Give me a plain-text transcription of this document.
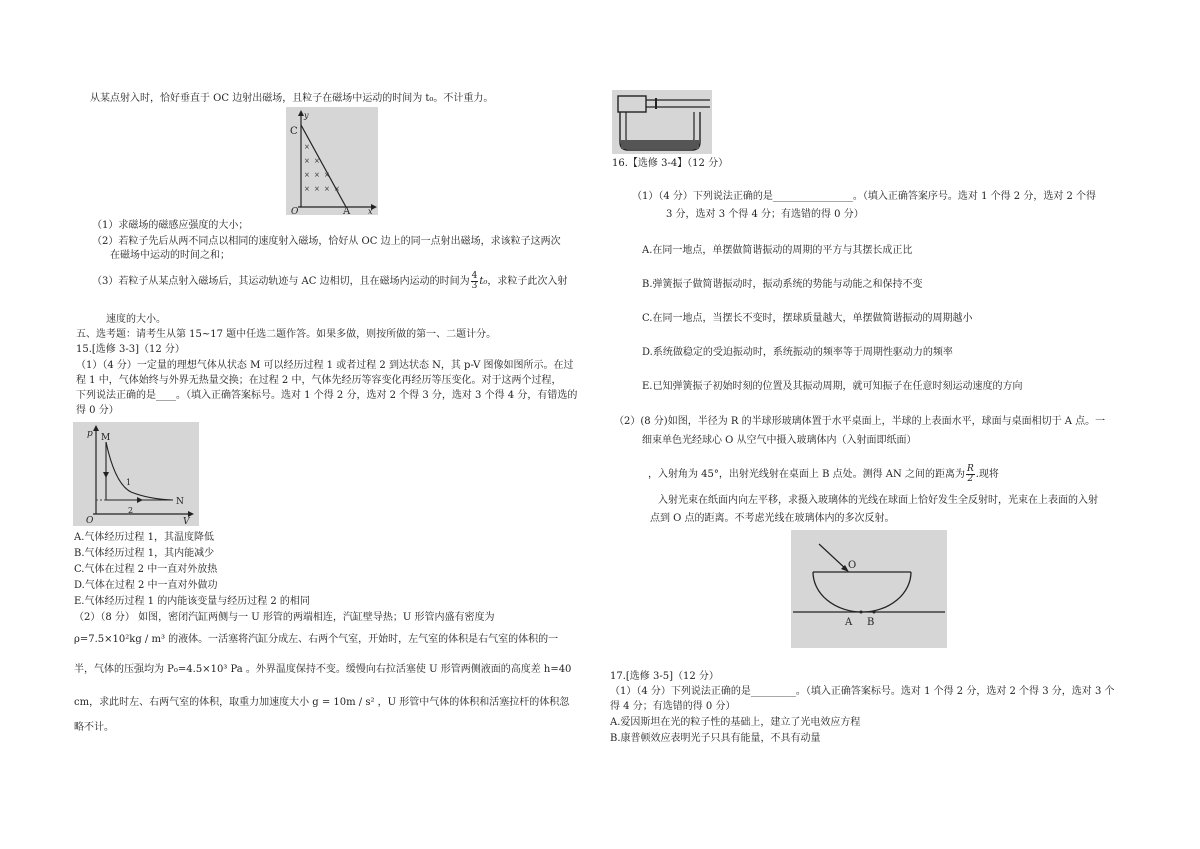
从某点射入时，恰好垂直于 OC 边射出磁场，且粒子在磁场中运动的时间为 t₀。不计重力。
y
C
O	A x
×
× ×
× × ×
× × × ×
（1）求磁场的磁感应强度的大小；
（2）若粒子先后从两不同点以相同的速度射入磁场，恰好从 OC 边上的同一点射出磁场，求该粒子这两次
在磁场中运动的时间之和；
（3）若粒子从某点射入磁场后，其运动轨迹与 AC 边相切，且在磁场内运动的时间为 $\frac{4}{3} t_0$，求粒子此次入射
速度的大小。
五、选考题：请考生从第 15~17 题中任选二题作答。如果多做，则按所做的第一、二题计分。
15.[选修 3-3]（12 分）
（1）（4 分）一定量的理想气体从状态 M 可以经历过程 1 或者过程 2 到达状态 N，其 p-V 图像如图所示。在过
程 1 中，气体始终与外界无热量交换；在过程 2 中，气体先经历等容变化再经历等压变化。对于这两个过程，
下列说法正确的是____。（填入正确答案标号。选对 1 个得 2 分，选对 2 个得 3 分，选对 3 个得 4 分，有错选的
得 0 分）
p M
1
2
N
O	V
A.气体经历过程 1，其温度降低
B.气体经历过程 1，其内能减少
C.气体在过程 2 中一直对外放热
D.气体在过程 2 中一直对外做功
E.气体经历过程 1 的内能该变量与经历过程 2 的相同
（2）（8 分） 如图，密闭汽缸两侧与一 U 形管的两端相连，汽缸壁导热；U 形管内盛有密度为
ρ=7.5×10²kg / m³ 的液体。一活塞将汽缸分成左、右两个气室，开始时，左气室的体积是右气室的体积的一
半，气体的压强均为 P₀=4.5×10³ Pa 。外界温度保持不变。缓慢向右拉活塞使 U 形管两侧液面的高度差 h=40
cm，求此时左、右两气室的体积，取重力加速度大小 g = 10m / s² ，U 形管中气体的体积和活塞拉杆的体积忽
略不计。
16.【选修 3-4】（12 分）
（1）（4 分）下列说法正确的是________________。（填入正确答案序号。选对 1 个得 2 分，选对 2 个得
3 分，选对 3 个得 4 分；有选错的得 0 分）
A.在同一地点，单摆做简谐振动的周期的平方与其摆长成正比
B.弹簧振子做简谐振动时，振动系统的势能与动能之和保持不变
C.在同一地点，当摆长不变时，摆球质量越大，单摆做简谐振动的周期越小
D.系统做稳定的受迫振动时，系统振动的频率等于周期性驱动力的频率
E.已知弹簧振子初始时刻的位置及其振动周期，就可知振子在任意时刻运动速度的方向
（2）(8 分)如图，半径为 R 的半球形玻璃体置于水平桌面上，半球的上表面水平，球面与桌面相切于 A 点。一
细束单色光经球心 O 从空气中摄入玻璃体内（入射面即纸面）
，入射角为 45°，出射光线射在桌面上 B 点处。测得 AN 之间的距离为 $\frac{R}{2}$ .现将
入射光束在纸面内向左平移，求摄入玻璃体的光线在球面上恰好发生全反射时，光束在上表面的入射
点到 O 点的距离。不考虑光线在玻璃体内的多次反射。
O
A B
17.[选修 3-5]（12 分）
（1）（4 分）下列说法正确的是_________。（填入正确答案标号。选对 1 个得 2 分，选对 2 个得 3 分，选对 3 个
得 4 分；有选错的得 0 分）
A.爱因斯坦在光的粒子性的基础上，建立了光电效应方程
B.康普顿效应表明光子只具有能量，不具有动量
